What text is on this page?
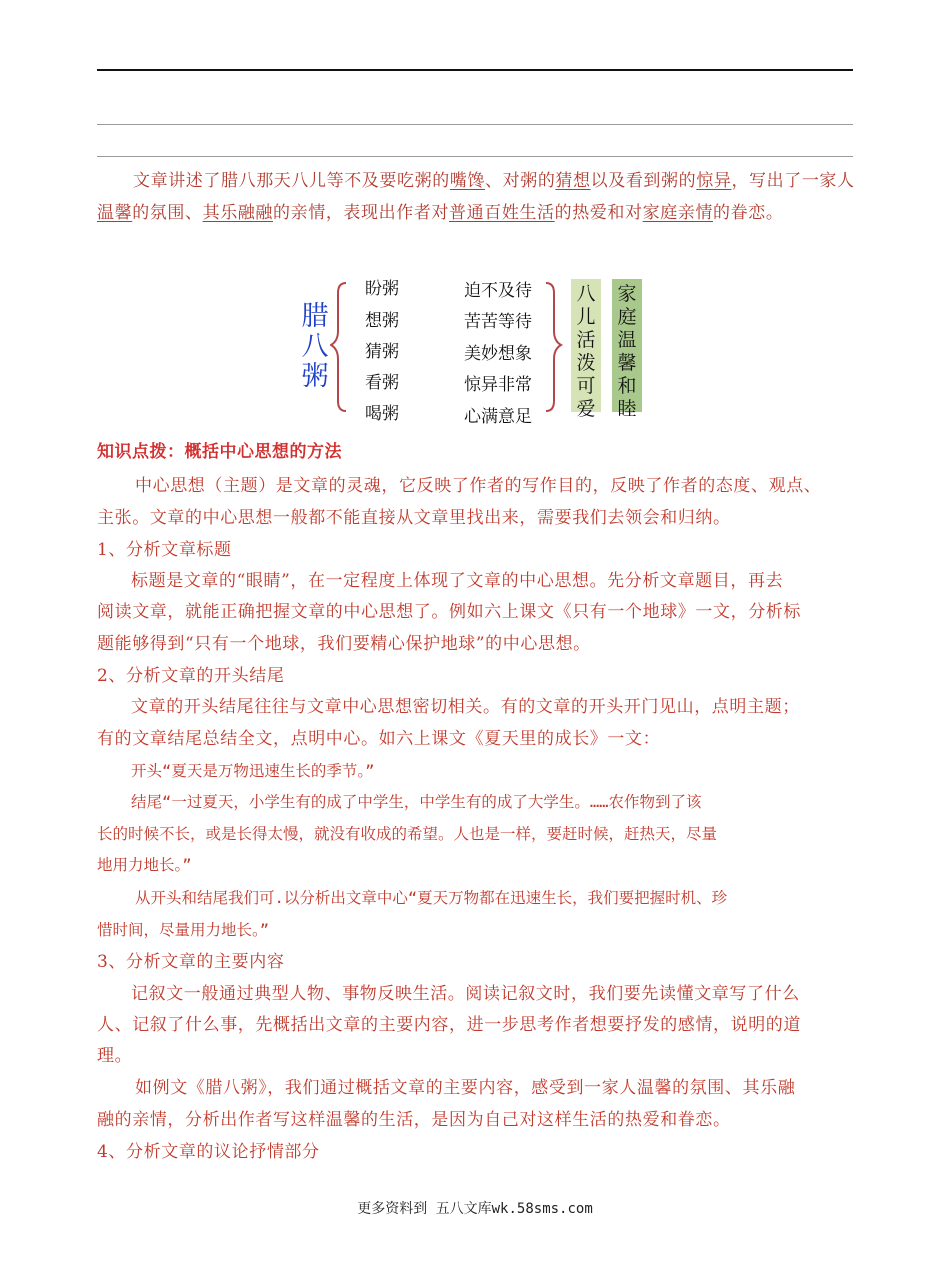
文章讲述了腊八那天八儿等不及要吃粥的嘴馋、对粥的猜想以及看到粥的惊异，写出了一家人温馨的氛围、其乐融融的亲情，表现出作者对普通百姓生活的热爱和对家庭亲情的眷恋。
腊八粥
盼粥
想粥
猜粥
看粥
喝粥
迫不及待
苦苦等待
美妙想象
惊异非常
心满意足
八儿活泼可爱
家庭温馨和睦
知识点拨：概括中心思想的方法
中心思想（主题）是文章的灵魂，它反映了作者的写作目的，反映了作者的态度、观点、
主张。文章的中心思想一般都不能直接从文章里找出来，需要我们去领会和归纳。
1、分析文章标题
标题是文章的“眼睛”，在一定程度上体现了文章的中心思想。先分析文章题目，再去
阅读文章，就能正确把握文章的中心思想了。例如六上课文《只有一个地球》一文，分析标
题能够得到“只有一个地球，我们要精心保护地球”的中心思想。
2、分析文章的开头结尾
文章的开头结尾往往与文章中心思想密切相关。有的文章的开头开门见山，点明主题；
有的文章结尾总结全文，点明中心。如六上课文《夏天里的成长》一文：
开头“夏天是万物迅速生长的季节。”
结尾“一过夏天，小学生有的成了中学生，中学生有的成了大学生。……农作物到了该
长的时候不长，或是长得太慢，就没有收成的希望。人也是一样，要赶时候，赶热天，尽量
地用力地长。”
从开头和结尾我们可.以分析出文章中心“夏天万物都在迅速生长，我们要把握时机、珍
惜时间，尽量用力地长。”
3、分析文章的主要内容
记叙文一般通过典型人物、事物反映生活。阅读记叙文时，我们要先读懂文章写了什么
人、记叙了什么事，先概括出文章的主要内容，进一步思考作者想要抒发的感情，说明的道
理。
如例文《腊八粥》，我们通过概括文章的主要内容，感受到一家人温馨的氛围、其乐融
融的亲情，分析出作者写这样温馨的生活，是因为自己对这样生活的热爱和眷恋。
4、分析文章的议论抒情部分
更多资料到 五八文库wk.58sms.com
